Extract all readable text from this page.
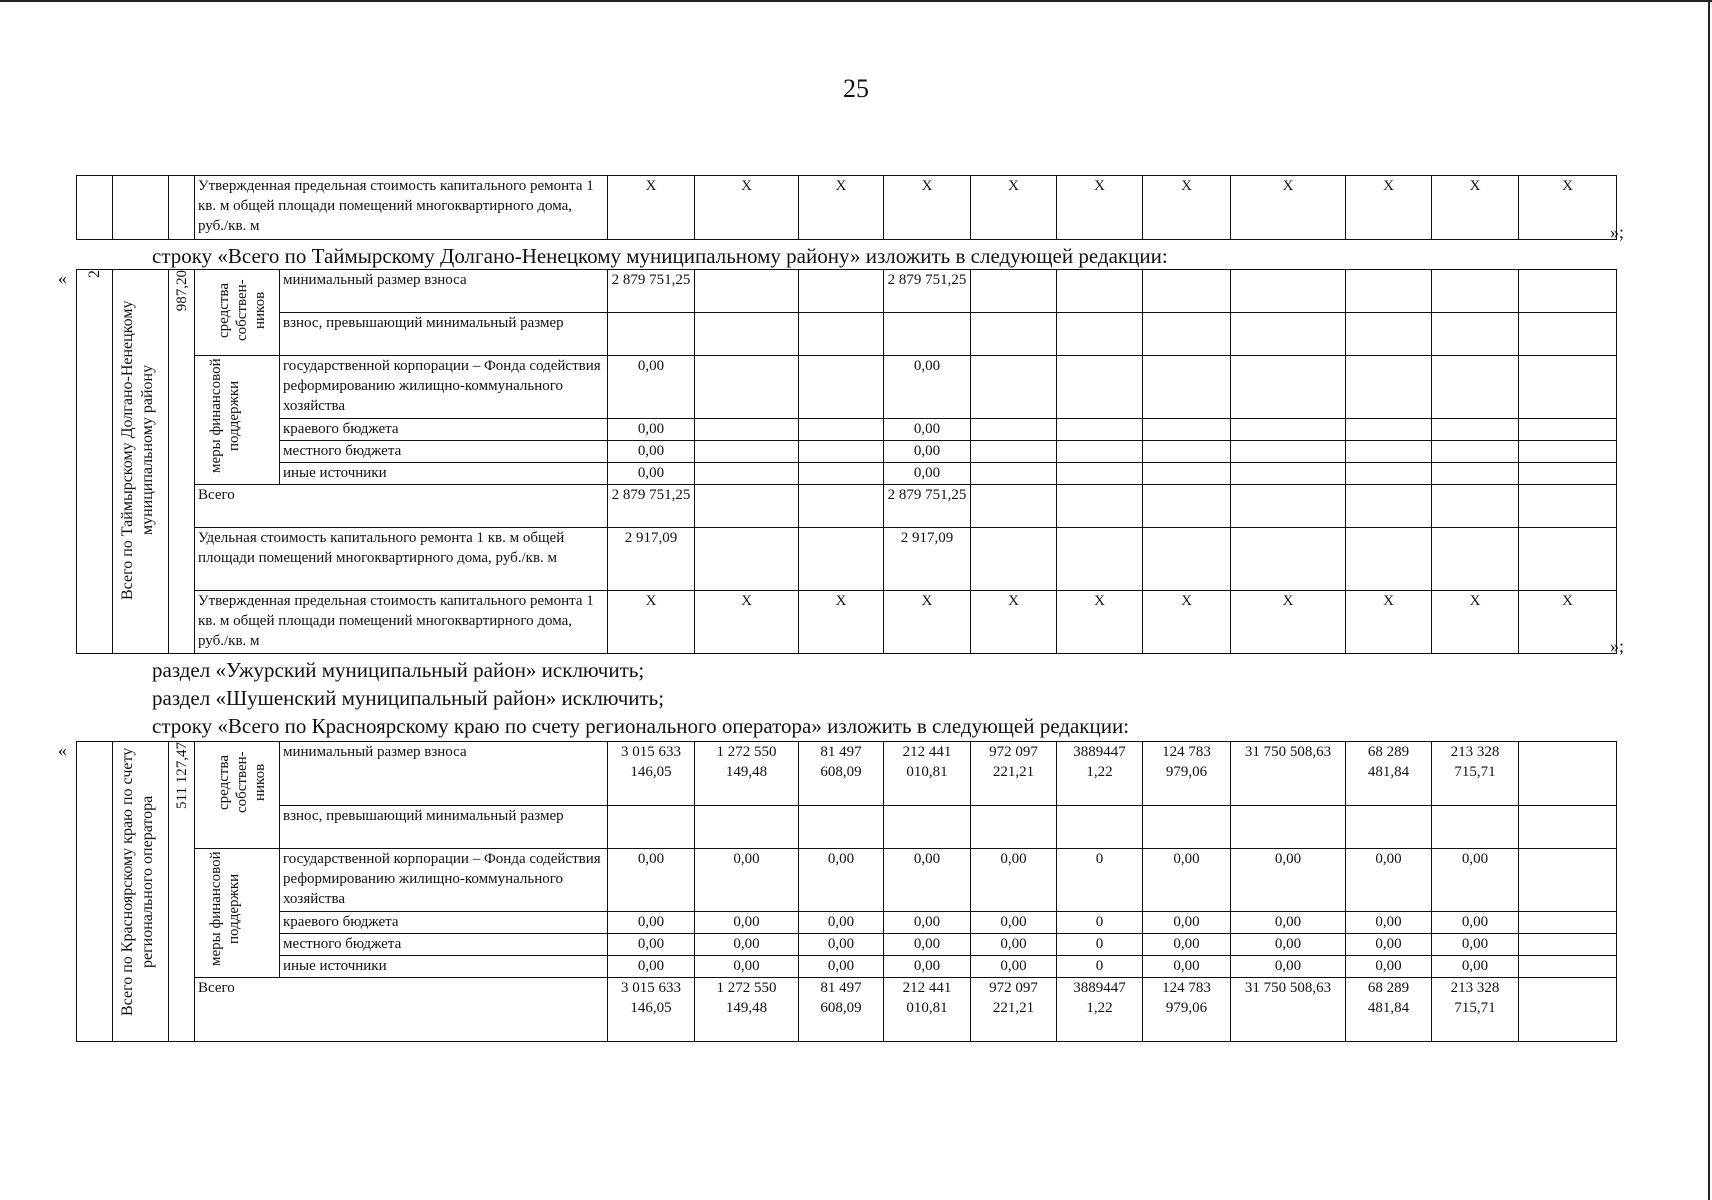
25
			Утвержденная предельная стоимость капитального ремонта 1 кв. м общей площади помещений многоквартирного дома, руб./кв. м	Х	Х	Х	Х	Х	Х	Х	Х	Х	Х	Х
»;
строку «Всего по Таймырскому Долгано-Ненецкому муниципальному району» изложить в следующей редакции:
« 2	Всего по Таймырскому Долгано-Ненецкому муниципальному району	987,20	средства собствен-ников	минимальный размер взноса	2 879 751,25			2 879 751,25							
				взнос, превышающий минимальный размер											

			меры финансовой поддержки	государственной корпорации – Фонда содействия реформированию жилищно-коммунального хозяйства	0,00			0,00							
				краевого бюджета	0,00			0,00							
				местного бюджета	0,00			0,00							
				иные источники	0,00			0,00							
			Всего		2 879 751,25			2 879 751,25							
			Удельная стоимость капитального ремонта 1 кв. м общей площади помещений многоквартирного дома, руб./кв. м		2 917,09			2 917,09							
			Утвержденная предельная стоимость капитального ремонта 1 кв. м общей площади помещений многоквартирного дома, руб./кв. м		Х	Х	Х	Х	Х	Х	Х	Х	Х	Х	Х
»;
раздел «Ужурский муниципальный район» исключить;
раздел «Шушенский муниципальный район» исключить;
строку «Всего по Красноярскому краю по счету регионального оператора» изложить в следующей редакции:
«

	Всего по Красноярскому краю по счету регионального оператора	511 127,47	средства собствен-ников	минимальный размер взноса	3 015 633 146,05	1 272 550 149,48	81 497 608,09	212 441 010,81	972 097 221,21	3889447 1,22	124 783 979,06	31 750 508,63	68 289 481,84	213 328 715,71	
				взнос, превышающий минимальный размер											

			меры финансовой поддержки	государственной корпорации – Фонда содействия реформированию жилищно-коммунального хозяйства	0,00	0,00	0,00	0,00	0,00	0	0,00	0,00	0,00	0,00	
				краевого бюджета	0,00	0,00	0,00	0,00	0,00	0	0,00	0,00	0,00	0,00	
				местного бюджета	0,00	0,00	0,00	0,00	0,00	0	0,00	0,00	0,00	0,00	
				иные источники	0,00	0,00	0,00	0,00	0,00	0	0,00	0,00	0,00	0,00	
			Всего		3 015 633 146,05	1 272 550 149,48	81 497 608,09	212 441 010,81	972 097 221,21	3889447 1,22	124 783 979,06	31 750 508,63	68 289 481,84	213 328 715,71	
